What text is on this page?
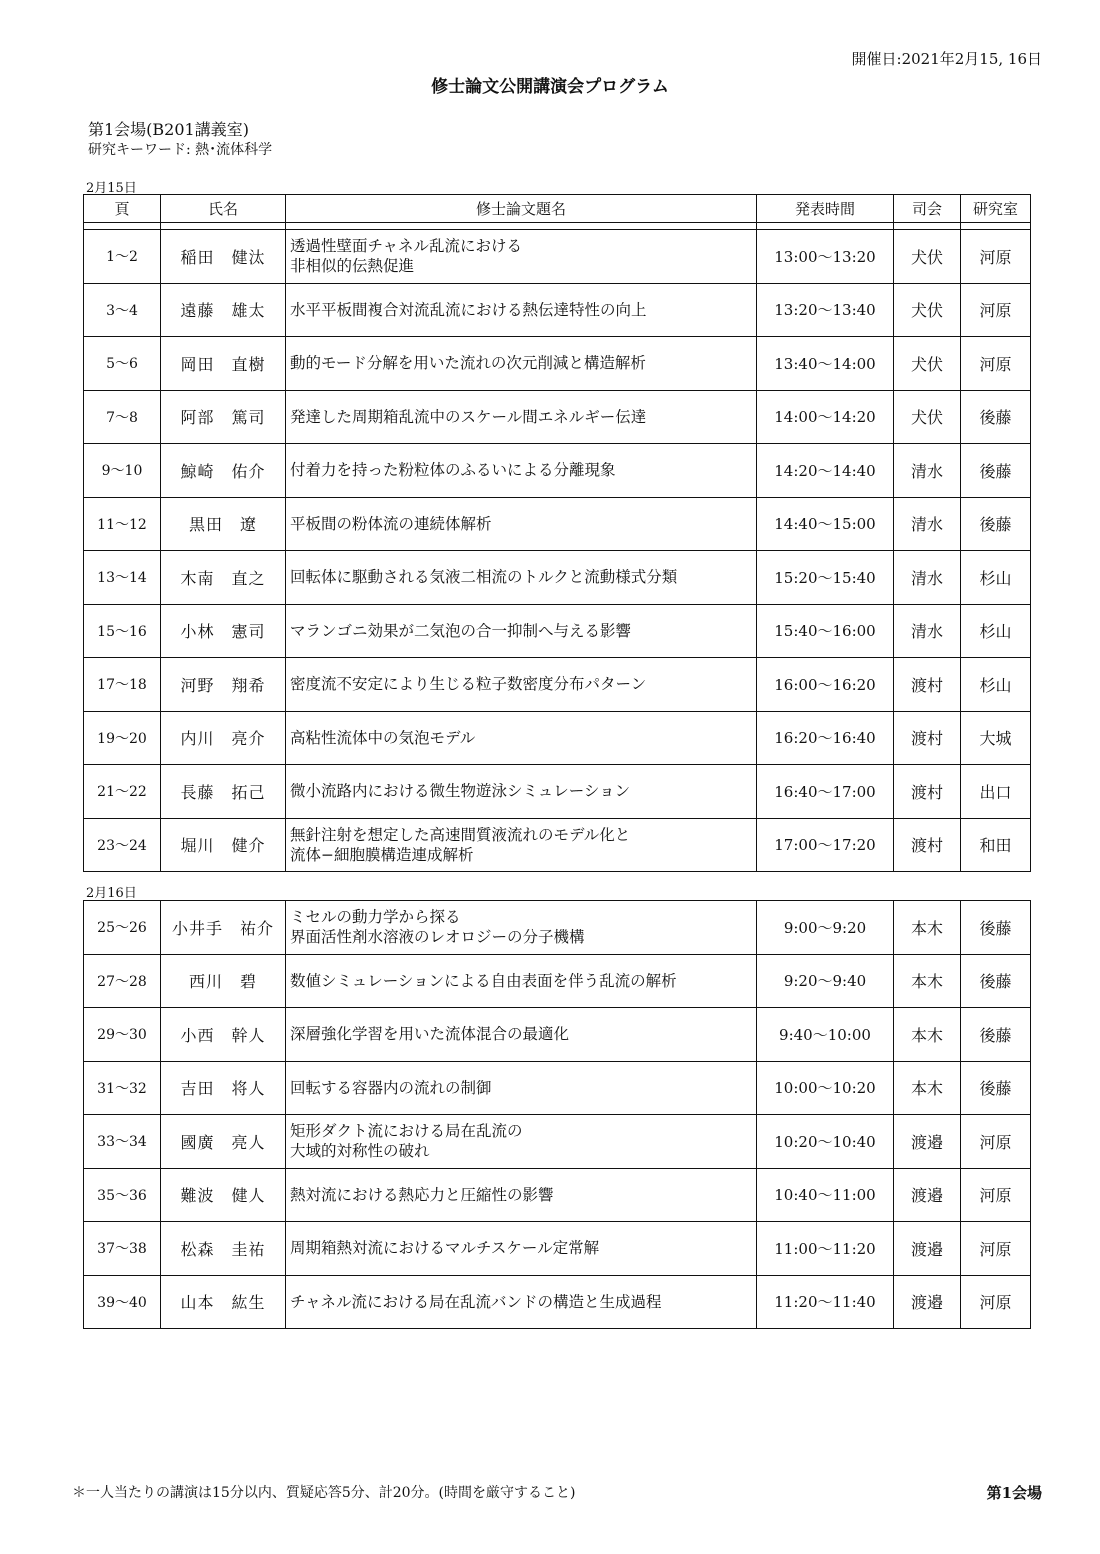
開催日:2021年2月15, 16日
修士論文公開講演会プログラム
第1会場(B201講義室)
研究キーワード: 熱･流体科学
2月15日
頁	氏名	修士論文題名	発表時間	司会	研究室

1～2	稲田　健汰	透過性壁面チャネル乱流における
非相似的伝熱促進	13:00～13:20	犬伏	河原
3～4	遠藤　雄太	水平平板間複合対流乱流における熱伝達特性の向上	13:20～13:40	犬伏	河原
5～6	岡田　直樹	動的モード分解を用いた流れの次元削減と構造解析	13:40～14:00	犬伏	河原
7～8	阿部　篤司	発達した周期箱乱流中のスケール間エネルギー伝達	14:00～14:20	犬伏	後藤
9～10	鯨崎　佑介	付着力を持った粉粒体のふるいによる分離現象	14:20～14:40	清水	後藤
11～12	黒田　遼	平板間の粉体流の連続体解析	14:40～15:00	清水	後藤
13～14	木南　直之	回転体に駆動される気液二相流のトルクと流動様式分類	15:20～15:40	清水	杉山
15～16	小林　憲司	マランゴニ効果が二気泡の合一抑制へ与える影響	15:40～16:00	清水	杉山
17～18	河野　翔希	密度流不安定により生じる粒子数密度分布パターン	16:00～16:20	渡村	杉山
19～20	内川　亮介	高粘性流体中の気泡モデル	16:20～16:40	渡村	大城
21～22	長藤　拓己	微小流路内における微生物遊泳シミュレーション	16:40～17:00	渡村	出口
23～24	堀川　健介	無針注射を想定した高速間質液流れのモデル化と
流体−細胞膜構造連成解析	17:00～17:20	渡村	和田
2月16日
25～26	小井手　祐介	ミセルの動力学から探る
界面活性剤水溶液のレオロジーの分子機構	9:00～9:20	本木	後藤
27～28	西川　碧	数値シミュレーションによる自由表面を伴う乱流の解析	9:20～9:40	本木	後藤
29～30	小西　幹人	深層強化学習を用いた流体混合の最適化	9:40～10:00	本木	後藤
31～32	吉田　将人	回転する容器内の流れの制御	10:00～10:20	本木	後藤
33～34	國廣　亮人	矩形ダクト流における局在乱流の
大域的対称性の破れ	10:20～10:40	渡邉	河原
35～36	難波　健人	熱対流における熱応力と圧縮性の影響	10:40～11:00	渡邉	河原
37～38	松森　圭祐	周期箱熱対流におけるマルチスケール定常解	11:00～11:20	渡邉	河原
39～40	山本　紘生	チャネル流における局在乱流バンドの構造と生成過程	11:20～11:40	渡邉	河原
＊一人当たりの講演は15分以内、質疑応答5分、計20分。(時間を厳守すること)	第1会場
